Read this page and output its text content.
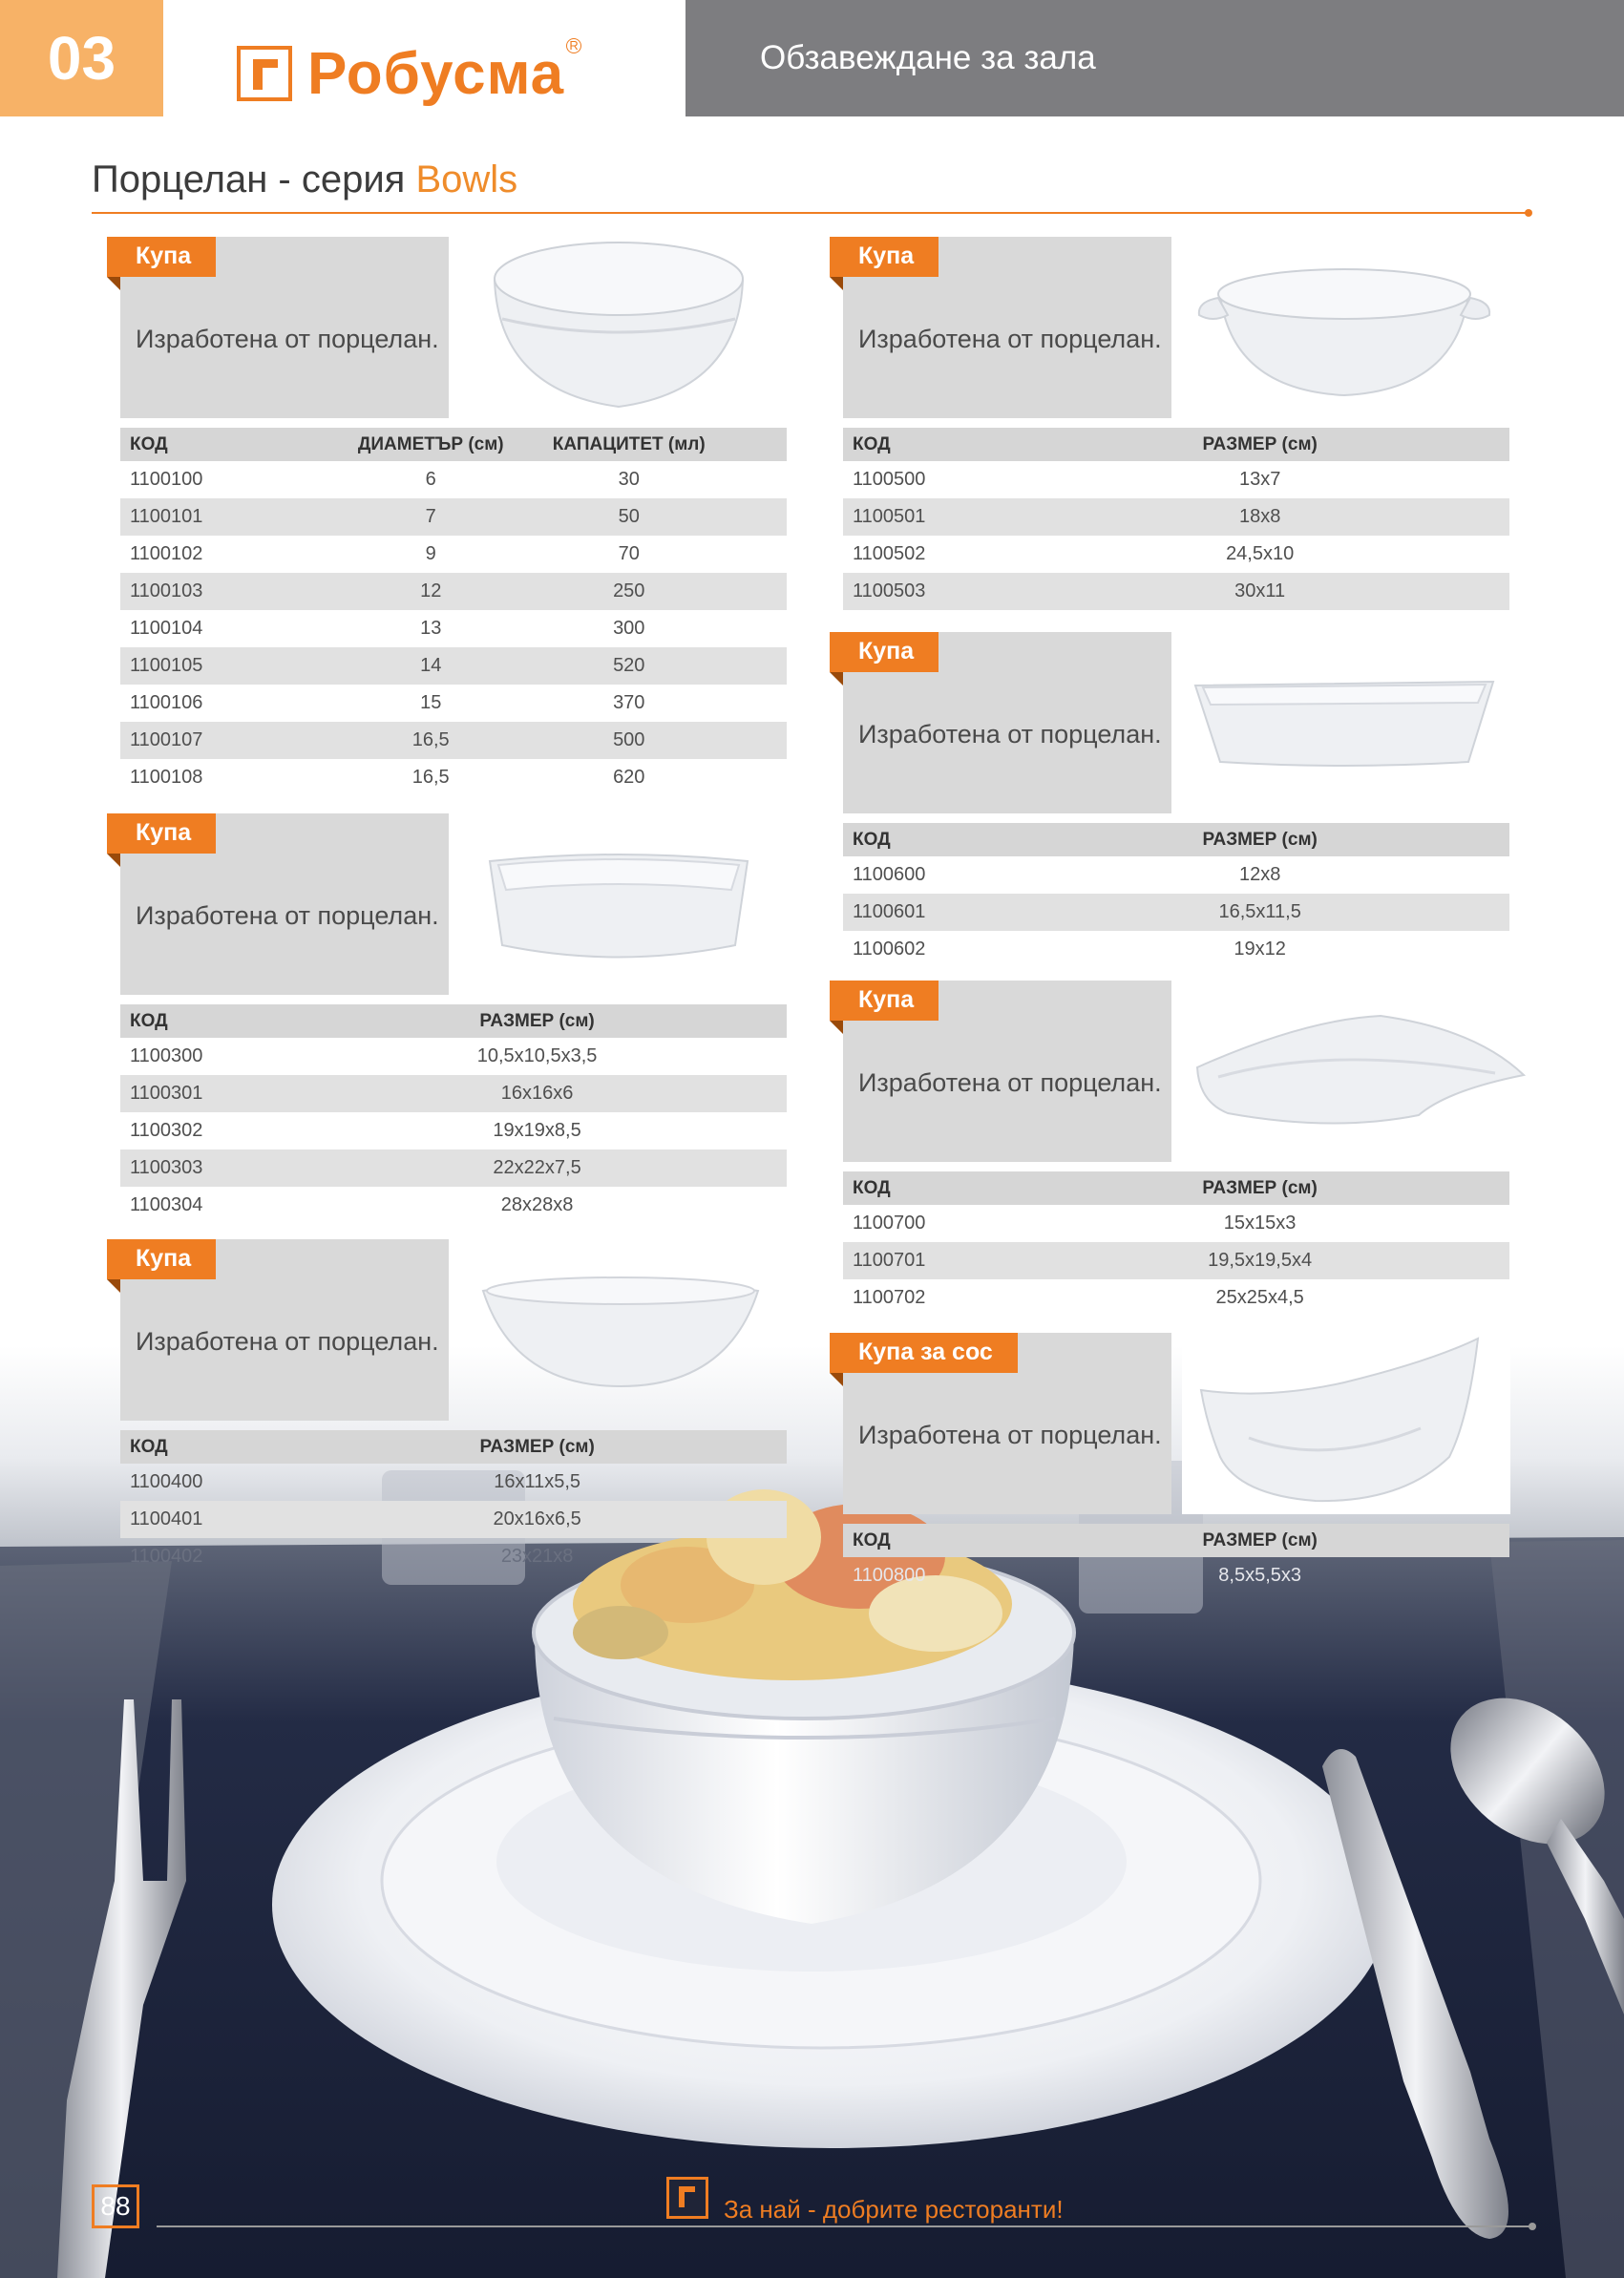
03	Робусма R	Обзавеждане за зала
Порцелан - серия Bowls
Купа
Изработена от порцелан.
КОД	ДИАМЕТЪР (см)	КАПАЦИТЕТ (мл)	
1100100	6	30	
1100101	7	50	
1100102	9	70	
1100103	12	250	
1100104	13	300	
1100105	14	520	
1100106	15	370	
1100107	16,5	500	
1100108	16,5	620	
Купа
Изработена от порцелан.
КОД	РАЗМЕР (см)	
1100300	10,5x10,5x3,5	
1100301	16x16x6	
1100302	19x19x8,5	
1100303	22x22x7,5	
1100304	28x28x8	
Купа
Изработена от порцелан.
КОД	РАЗМЕР (см)	
1100400	16x11x5,5	
1100401	20x16x6,5	
1100402	23x21x8	
Купа
Изработена от порцелан.
КОД	РАЗМЕР (см)	
1100500	13x7	
1100501	18x8	
1100502	24,5x10	
1100503	30x11	
Купа
Изработена от порцелан.
КОД	РАЗМЕР (см)	
1100600	12x8	
1100601	16,5x11,5	
1100602	19x12	
Купа
Изработена от порцелан.
КОД	РАЗМЕР (см)	
1100700	15x15x3	
1100701	19,5x19,5x4	
1100702	25x25x4,5	
Купа за сос
Изработена от порцелан.
КОД	РАЗМЕР (см)	
1100800	8,5x5,5x3	
88	За най - добрите ресторанти!
